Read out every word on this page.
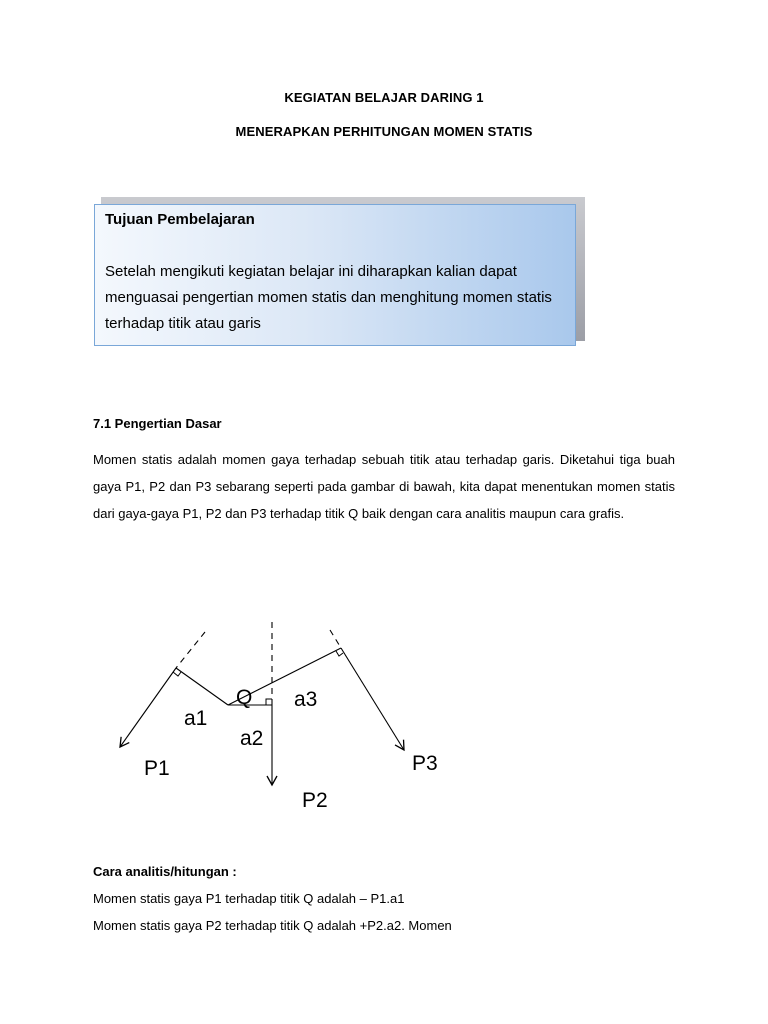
KEGIATAN BELAJAR DARING 1
MENERAPKAN PERHITUNGAN MOMEN STATIS
Tujuan Pembelajaran

Setelah mengikuti kegiatan belajar ini diharapkan kalian dapat menguasai pengertian momen statis dan menghitung momen statis terhadap titik atau garis

7.1 Pengertian Dasar
Momen statis adalah momen gaya terhadap sebuah titik atau terhadap garis. Diketahui tiga buah gaya P1, P2 dan P3 sebarang seperti pada gambar di bawah, kita dapat menentukan momen statis dari gaya-gaya P1, P2 dan P3 terhadap titik Q baik dengan cara analitis maupun cara grafis.
Q
a1
a2
a3
P1
P2
P3
Cara analitis/hitungan :
Momen statis gaya P1 terhadap titik Q adalah – P1.a1
Momen statis gaya P2 terhadap titik Q adalah +P2.a2. Momen
